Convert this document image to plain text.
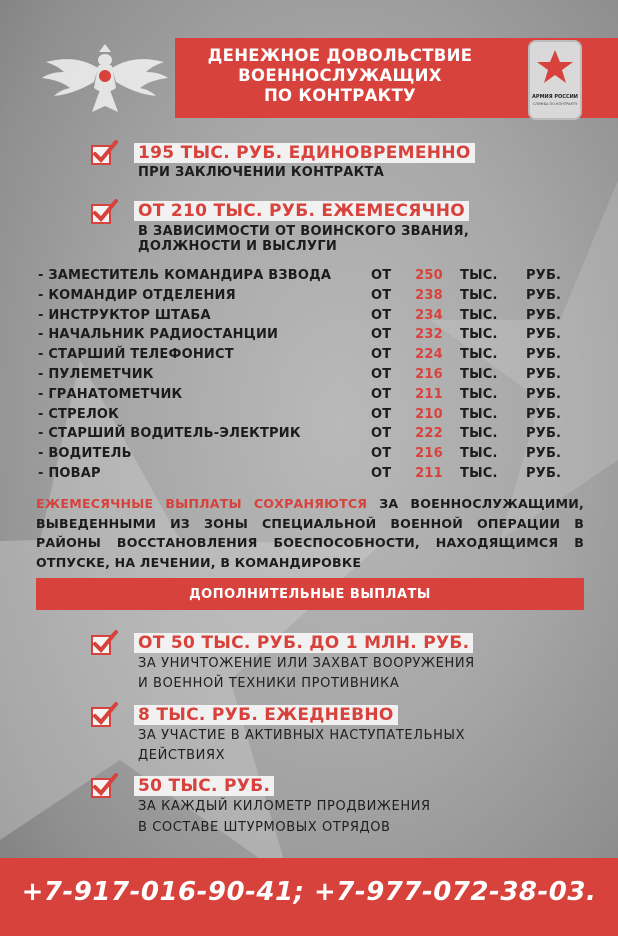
ДЕНЕЖНОЕ ДОВОЛЬСТВИЕ
ВОЕННОСЛУЖАЩИХ
ПО КОНТРАКТУ	АРМИЯ РОССИИ
СЛУЖБА ПО КОНТРАКТУ
195 ТЫС. РУБ. ЕДИНОВРЕМЕННО
ПРИ ЗАКЛЮЧЕНИИ КОНТРАКТА
ОТ 210 ТЫС. РУБ. ЕЖЕМЕСЯЧНО
В ЗАВИСИМОСТИ ОТ ВОИНСКОГО ЗВАНИЯ,
ДОЛЖНОСТИ И ВЫСЛУГИ
- ЗАМЕСТИТЕЛЬ КОМАНДИРА ВЗВОДА	ОТ 250 ТЫС. РУБ.
- КОМАНДИР ОТДЕЛЕНИЯ	ОТ 238 ТЫС. РУБ.
- ИНСТРУКТОР ШТАБА	ОТ 234 ТЫС. РУБ.
- НАЧАЛЬНИК РАДИОСТАНЦИИ	ОТ 232 ТЫС. РУБ.
- СТАРШИЙ ТЕЛЕФОНИСТ	ОТ 224 ТЫС. РУБ.
- ПУЛЕМЕТЧИК	ОТ 216 ТЫС. РУБ.
- ГРАНАТОМЕТЧИК	ОТ 211 ТЫС. РУБ.
- СТРЕЛОК	ОТ 210 ТЫС. РУБ.
- СТАРШИЙ ВОДИТЕЛЬ-ЭЛЕКТРИК	ОТ 222 ТЫС. РУБ.
- ВОДИТЕЛЬ	ОТ 216 ТЫС. РУБ.
- ПОВАР	ОТ 211 ТЫС. РУБ.
ЕЖЕМЕСЯЧНЫЕ ВЫПЛАТЫ СОХРАНЯЮТСЯ ЗА ВОЕННОСЛУЖАЩИМИ, ВЫВЕДЕННЫМИ ИЗ ЗОНЫ СПЕЦИАЛЬНОЙ ВОЕННОЙ ОПЕРАЦИИ В РАЙОНЫ ВОССТАНОВЛЕНИЯ БОЕСПОСОБНОСТИ, НАХОДЯЩИМСЯ В ОТПУСКЕ, НА ЛЕЧЕНИИ, В КОМАНДИРОВКЕ
ДОПОЛНИТЕЛЬНЫЕ ВЫПЛАТЫ
ОТ 50 ТЫС. РУБ. ДО 1 МЛН. РУБ.
ЗА УНИЧТОЖЕНИЕ ИЛИ ЗАХВАТ ВООРУЖЕНИЯ
И ВОЕННОЙ ТЕХНИКИ ПРОТИВНИКА
8 ТЫС. РУБ. ЕЖЕДНЕВНО
ЗА УЧАСТИЕ В АКТИВНЫХ НАСТУПАТЕЛЬНЫХ
ДЕЙСТВИЯХ
50 ТЫС. РУБ.
ЗА КАЖДЫЙ КИЛОМЕТР ПРОДВИЖЕНИЯ
В СОСТАВЕ ШТУРМОВЫХ ОТРЯДОВ
+7-917-016-90-41; +7-977-072-38-03.
